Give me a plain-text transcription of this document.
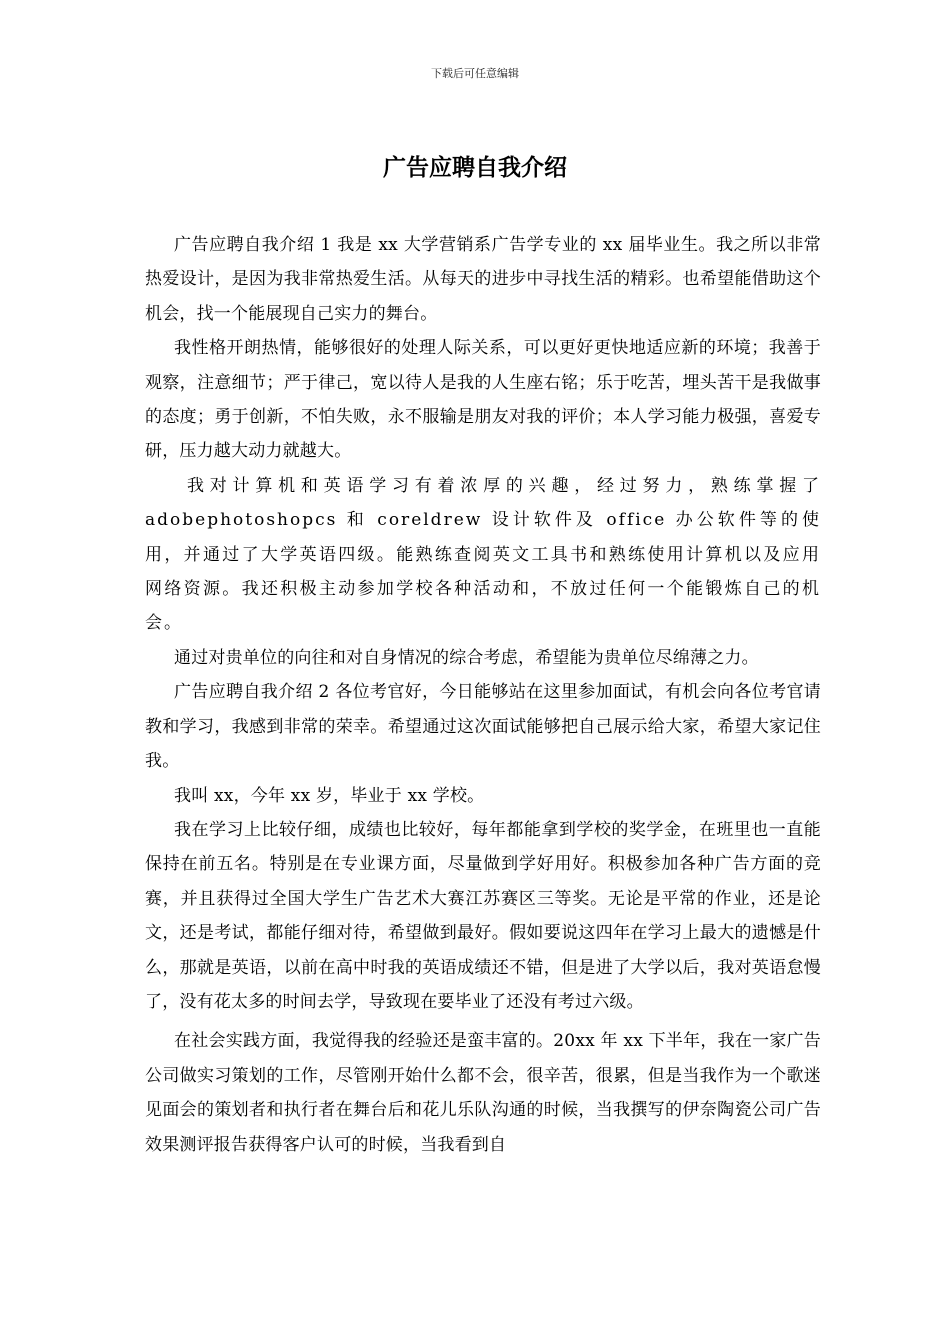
下载后可任意编辑
广告应聘自我介绍

广告应聘自我介绍 1 我是 xx 大学营销系广告学专业的 xx 届毕业生。我之所以非常热爱设计，是因为我非常热爱生活。从每天的进步中寻找生活的精彩。也希望能借助这个机会，找一个能展现自己实力的舞台。

我性格开朗热情，能够很好的处理人际关系，可以更好更快地适应新的环境；我善于观察，注意细节；严于律己，宽以待人是我的人生座右铭；乐于吃苦，埋头苦干是我做事的态度；勇于创新，不怕失败，永不服输是朋友对我的评价；本人学习能力极强，喜爱专研，压力越大动力就越大。

我对计算机和英语学习有着浓厚的兴趣，经过努力，熟练掌握了 adobephotoshopcs 和 coreldrew 设计软件及 office 办公软件等的使用，并通过了大学英语四级。能熟练查阅英文工具书和熟练使用计算机以及应用网络资源。我还积极主动参加学校各种活动和，不放过任何一个能锻炼自己的机会。

通过对贵单位的向往和对自身情况的综合考虑，希望能为贵单位尽绵薄之力。

广告应聘自我介绍 2 各位考官好，今日能够站在这里参加面试，有机会向各位考官请教和学习，我感到非常的荣幸。希望通过这次面试能够把自己展示给大家，希望大家记住我。

我叫 xx，今年 xx 岁，毕业于 xx 学校。

我在学习上比较仔细，成绩也比较好，每年都能拿到学校的奖学金，在班里也一直能保持在前五名。特别是在专业课方面，尽量做到学好用好。积极参加各种广告方面的竞赛，并且获得过全国大学生广告艺术大赛江苏赛区三等奖。无论是平常的作业，还是论文，还是考试，都能仔细对待，希望做到最好。假如要说这四年在学习上最大的遗憾是什么，那就是英语，以前在高中时我的英语成绩还不错，但是进了大学以后，我对英语怠慢了，没有花太多的时间去学，导致现在要毕业了还没有考过六级。

在社会实践方面，我觉得我的经验还是蛮丰富的。20xx 年 xx 下半年，我在一家广告公司做实习策划的工作，尽管刚开始什么都不会，很辛苦，很累，但是当我作为一个歌迷见面会的策划者和执行者在舞台后和花儿乐队沟通的时候，当我撰写的伊奈陶瓷公司广告效果测评报告获得客户认可的时候，当我看到自
